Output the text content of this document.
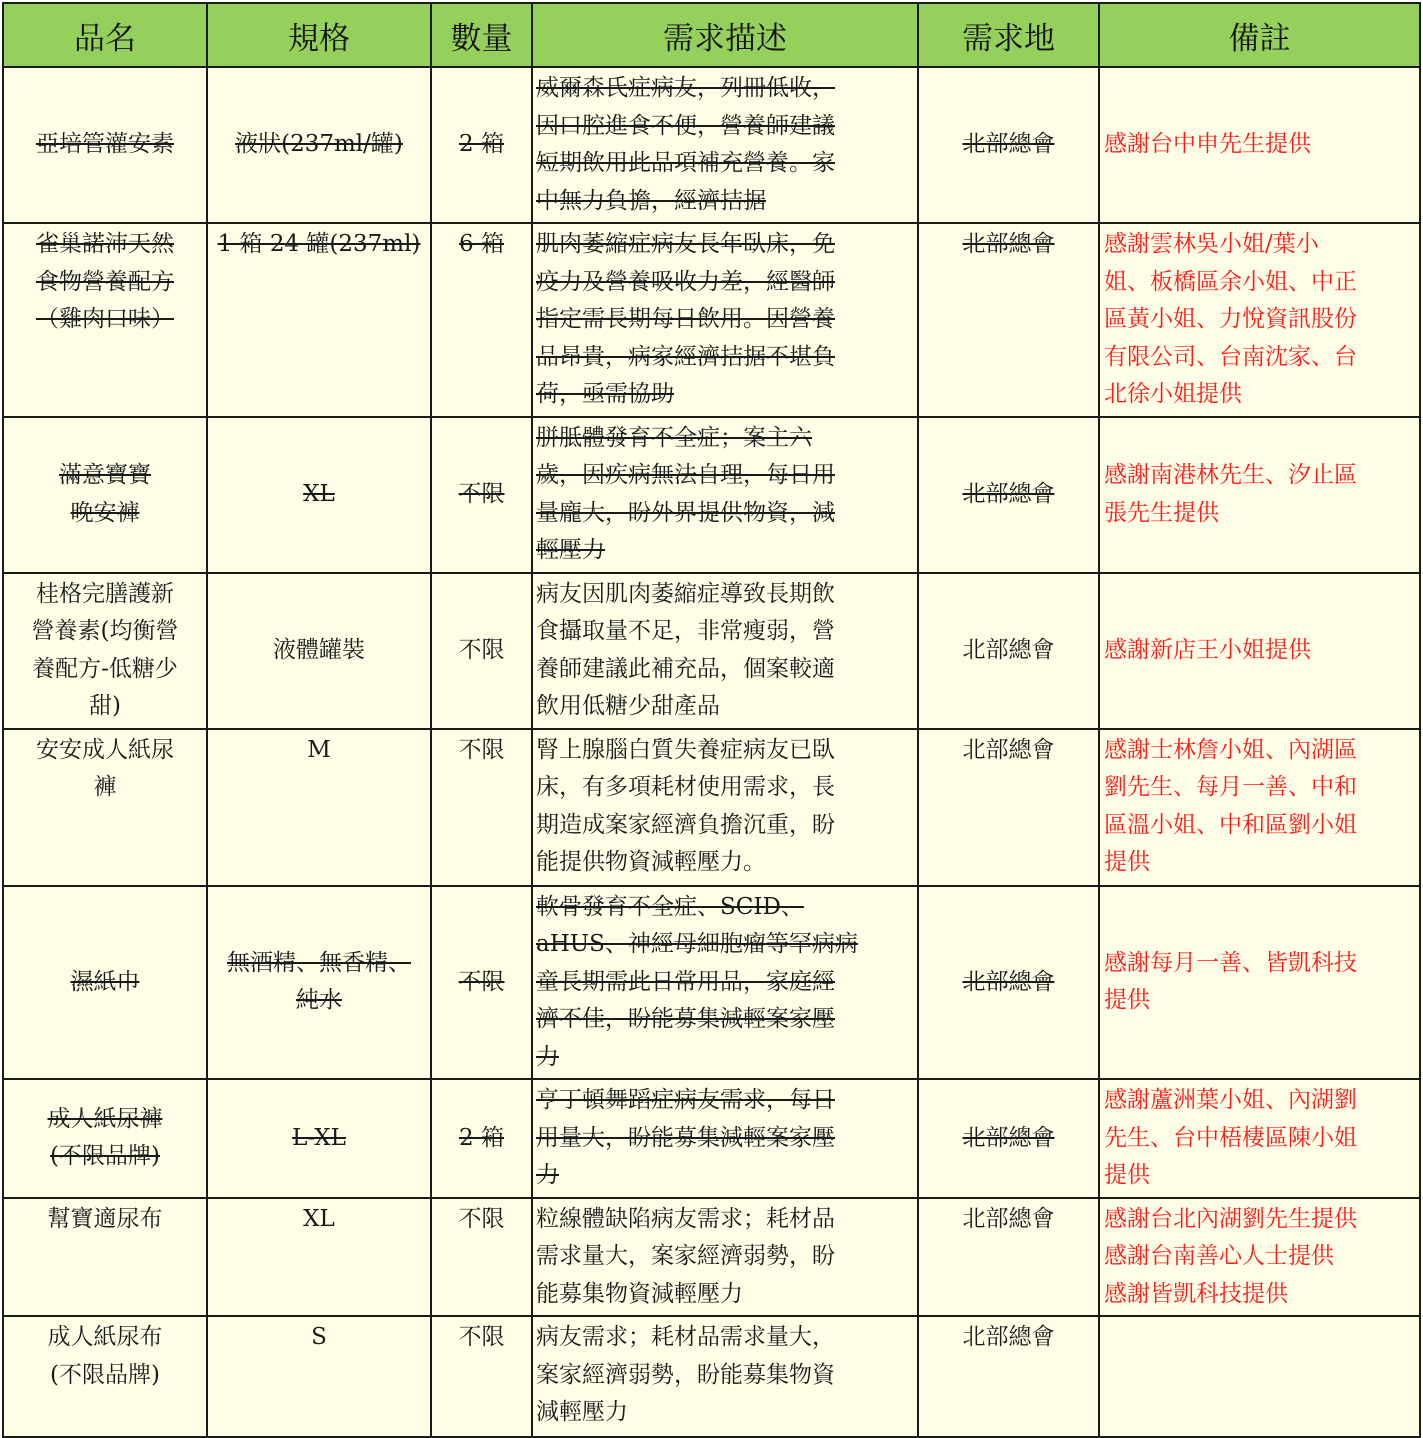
品名	規格	數量	需求描述	需求地	備註

亞培管灌安素	液狀(237ml/罐)	2 箱	威爾森氏症病友，列冊低收，
因口腔進食不便，營養師建議
短期飲用此品項補充營養。家
中無力負擔，經濟拮据	北部總會	感謝台中申先生提供

雀巢諾沛天然
食物營養配方
（雞肉口味）	1 箱 24 罐(237ml)	6 箱	肌肉萎縮症病友長年臥床，免
疫力及營養吸收力差，經醫師
指定需長期每日飲用。因營養
品昂貴，病家經濟拮据不堪負
荷，亟需協助	北部總會	感謝雲林吳小姐/葉小
姐、板橋區余小姐、中正
區黃小姐、力悅資訊股份
有限公司、台南沈家、台
北徐小姐提供

滿意寶寶
晚安褲	XL	不限	胼胝體發育不全症；案主六
歲，因疾病無法自理，每日用
量龐大，盼外界提供物資，減
輕壓力	北部總會	感謝南港林先生、汐止區
張先生提供

桂格完膳護新
營養素(均衡營
養配方-低糖少
甜)	液體罐裝	不限	病友因肌肉萎縮症導致長期飲
食攝取量不足，非常瘦弱，營
養師建議此補充品，個案較適
飲用低糖少甜產品	北部總會	感謝新店王小姐提供

安安成人紙尿
褲	M	不限	腎上腺腦白質失養症病友已臥
床，有多項耗材使用需求，長
期造成案家經濟負擔沉重，盼
能提供物資減輕壓力。	北部總會	感謝士林詹小姐、內湖區
劉先生、每月一善、中和
區溫小姐、中和區劉小姐
提供

濕紙巾	無酒精、無香精、
純水	不限	軟骨發育不全症、SCID、
aHUS、神經母細胞瘤等罕病病
童長期需此日常用品，家庭經
濟不佳，盼能募集減輕案家壓
力	北部總會	感謝每月一善、皆凱科技
提供

成人紙尿褲
(不限品牌)	L-XL	2 箱	亨丁頓舞蹈症病友需求，每日
用量大，盼能募集減輕案家壓
力	北部總會	感謝蘆洲葉小姐、內湖劉
先生、台中梧棲區陳小姐
提供

幫寶適尿布	XL	不限	粒線體缺陷病友需求；耗材品
需求量大，案家經濟弱勢，盼
能募集物資減輕壓力	北部總會	感謝台北內湖劉先生提供
感謝台南善心人士提供
感謝皆凱科技提供

成人紙尿布
(不限品牌)	S	不限	病友需求；耗材品需求量大，
案家經濟弱勢，盼能募集物資
減輕壓力	北部總會	
